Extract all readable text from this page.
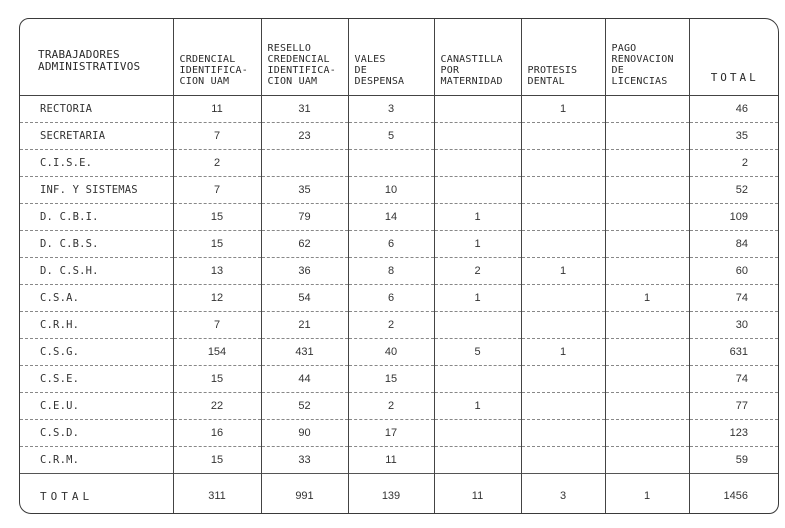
TRABAJADORES
ADMINISTRATIVOS	CRDENCIAL
IDENTIFICA-
CION UAM	RESELLO
CREDENCIAL
IDENTIFICA-
CION UAM	VALES
DE
DESPENSA	CANASTILLA
POR
MATERNIDAD	PROTESIS
DENTAL	PAGO
RENOVACION
DE
LICENCIAS	TOTAL
RECTORIA	11	31	3		1		46
SECRETARIA	7	23	5				35
C.I.S.E.	2						2
INF. Y SISTEMAS	7	35	10				52
D. C.B.I.	15	79	14	1			109
D. C.B.S.	15	62	6	1			84
D. C.S.H.	13	36	8	2	1		60
C.S.A.	12	54	6	1		1	74
C.R.H.	7	21	2				30
C.S.G.	154	431	40	5	1		631
C.S.E.	15	44	15				74
C.E.U.	22	52	2	1			77
C.S.D.	16	90	17				123
C.R.M.	15	33	11				59
TOTAL	311	991	139	11	3	1	1456
